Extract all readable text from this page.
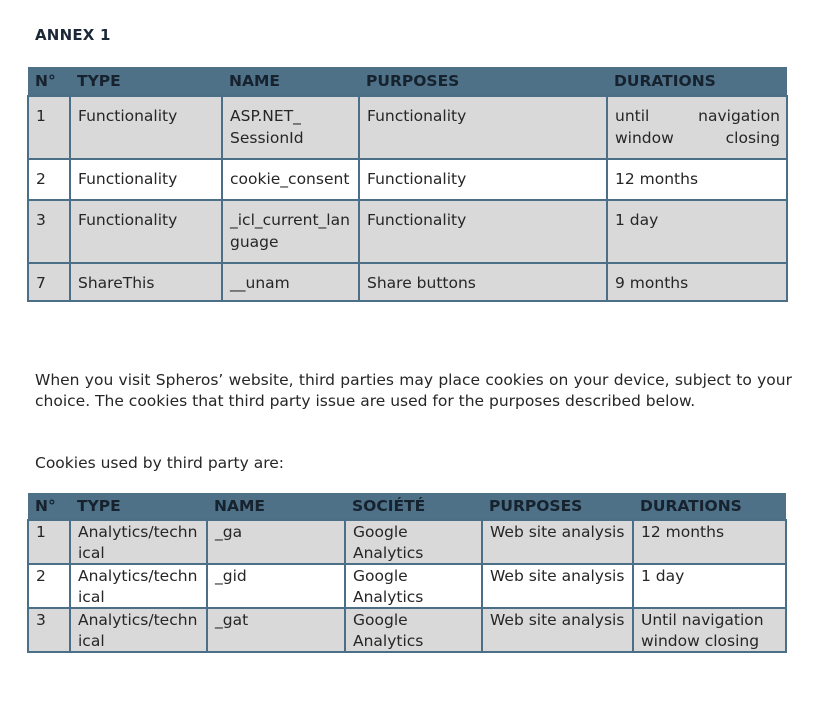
ANNEX 1
N°	TYPE	NAME	PURPOSES	DURATIONS
1	Functionality	ASP.NET_ SessionId	Functionality	until navigation window closing
2	Functionality	cookie_consent	Functionality	12 months
3	Functionality	_icl_current_language	Functionality	1 day
7	ShareThis	__unam	Share buttons	9 months
When you visit Spheros’ website, third parties may place cookies on your device, subject to your choice. The cookies that third party issue are used for the purposes described below.
Cookies used by third party are:
N°	TYPE	NAME	SOCIÉTÉ	PURPOSES	DURATIONS
1	Analytics/technical	_ga	Google Analytics	Web site analysis	12 months
2	Analytics/technical	_gid	Google Analytics	Web site analysis	1 day
3	Analytics/technical	_gat	Google Analytics	Web site analysis	Until navigation window closing
